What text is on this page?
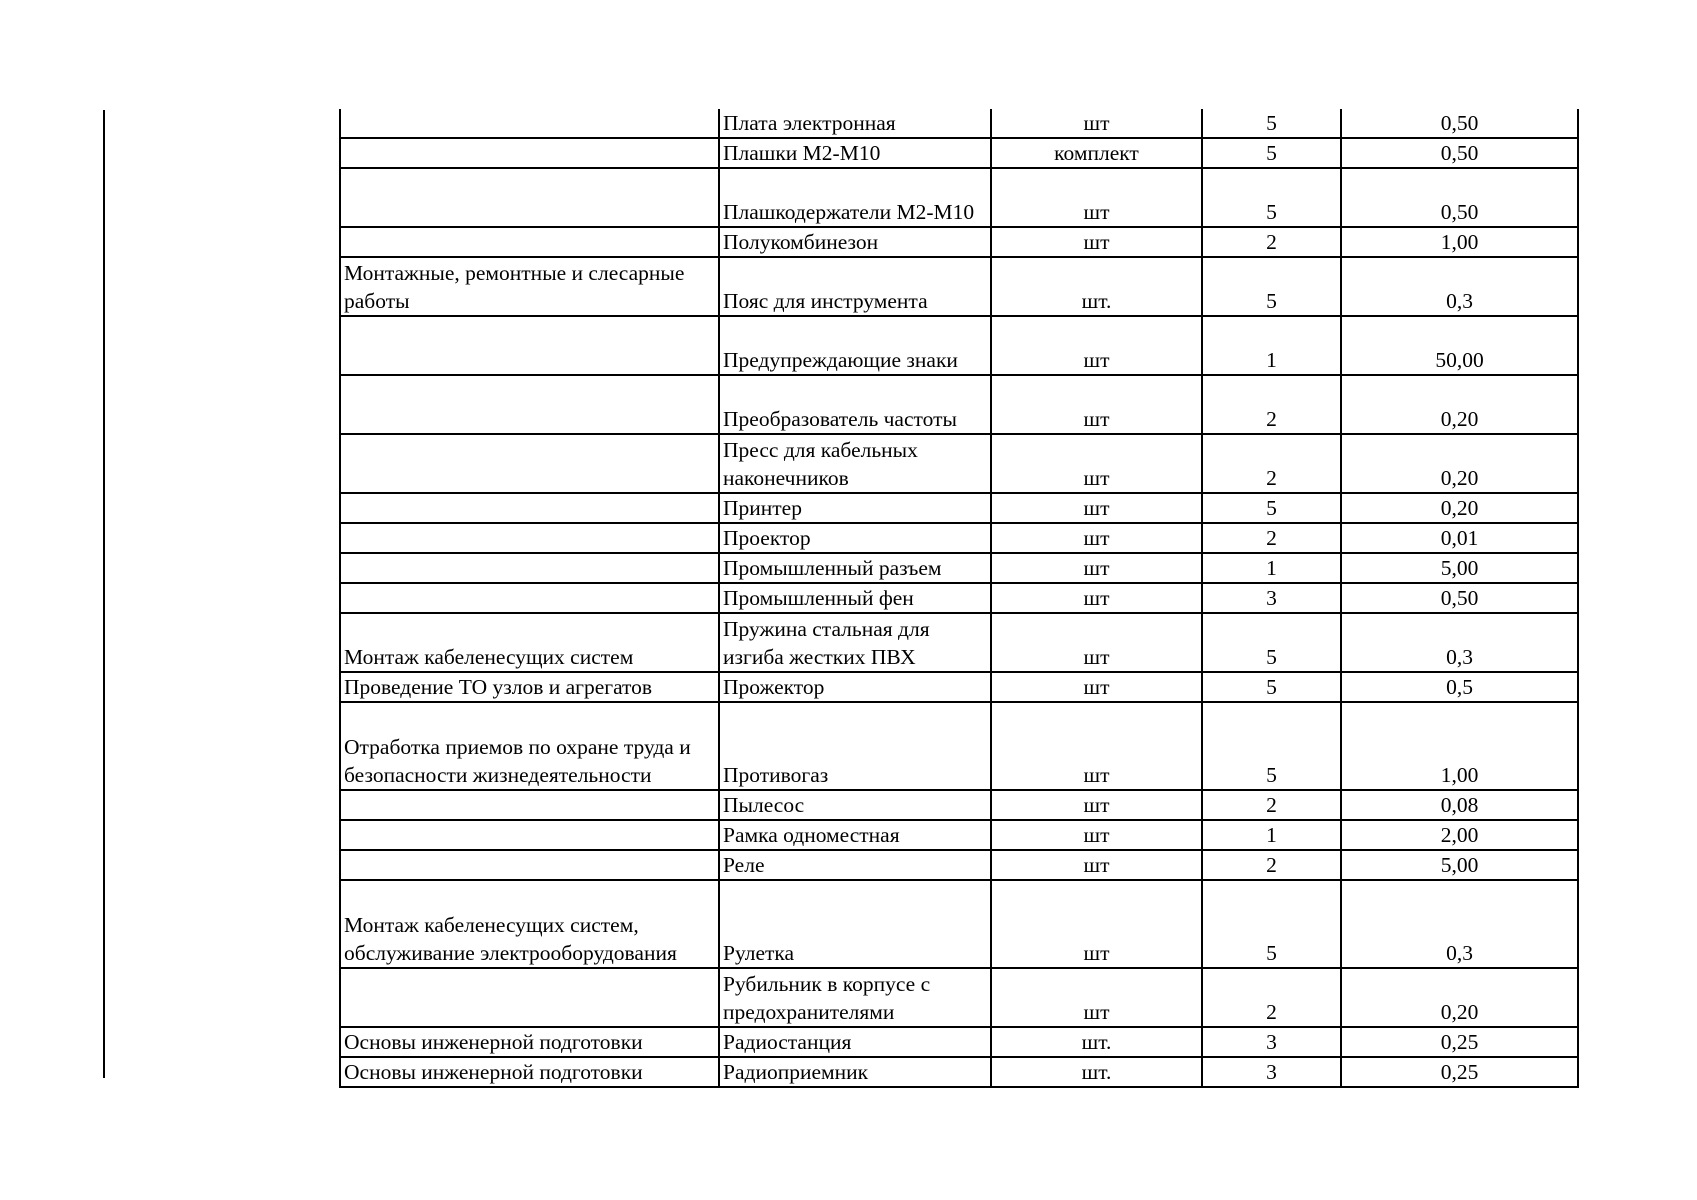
	Плата электронная	шт	5	0,50
	Плашки М2-М10	комплект	5	0,50
	Плашкодержатели М2-М10	шт	5	0,50
	Полукомбинезон	шт	2	1,00
Монтажные, ремонтные и слесарные работы	Пояс для инструмента	шт.	5	0,3
	Предупреждающие знаки	шт	1	50,00
	Преобразователь частоты	шт	2	0,20
	Пресс для кабельных наконечников	шт	2	0,20
	Принтер	шт	5	0,20
	Проектор	шт	2	0,01
	Промышленный разъем	шт	1	5,00
	Промышленный фен	шт	3	0,50
Монтаж кабеленесущих систем	Пружина стальная для изгиба жестких ПВХ	шт	5	0,3
Проведение ТО узлов и агрегатов	Прожектор	шт	5	0,5
Отработка приемов по охране труда и безопасности жизнедеятельности	Противогаз	шт	5	1,00
	Пылесос	шт	2	0,08
	Рамка одноместная	шт	1	2,00
	Реле	шт	2	5,00
Монтаж кабеленесущих систем, обслуживание электрооборудования	Рулетка	шт	5	0,3
	Рубильник в корпусе с предохранителями	шт	2	0,20
Основы инженерной подготовки	Радиостанция	шт.	3	0,25
Основы инженерной подготовки	Радиоприемник	шт.	3	0,25
